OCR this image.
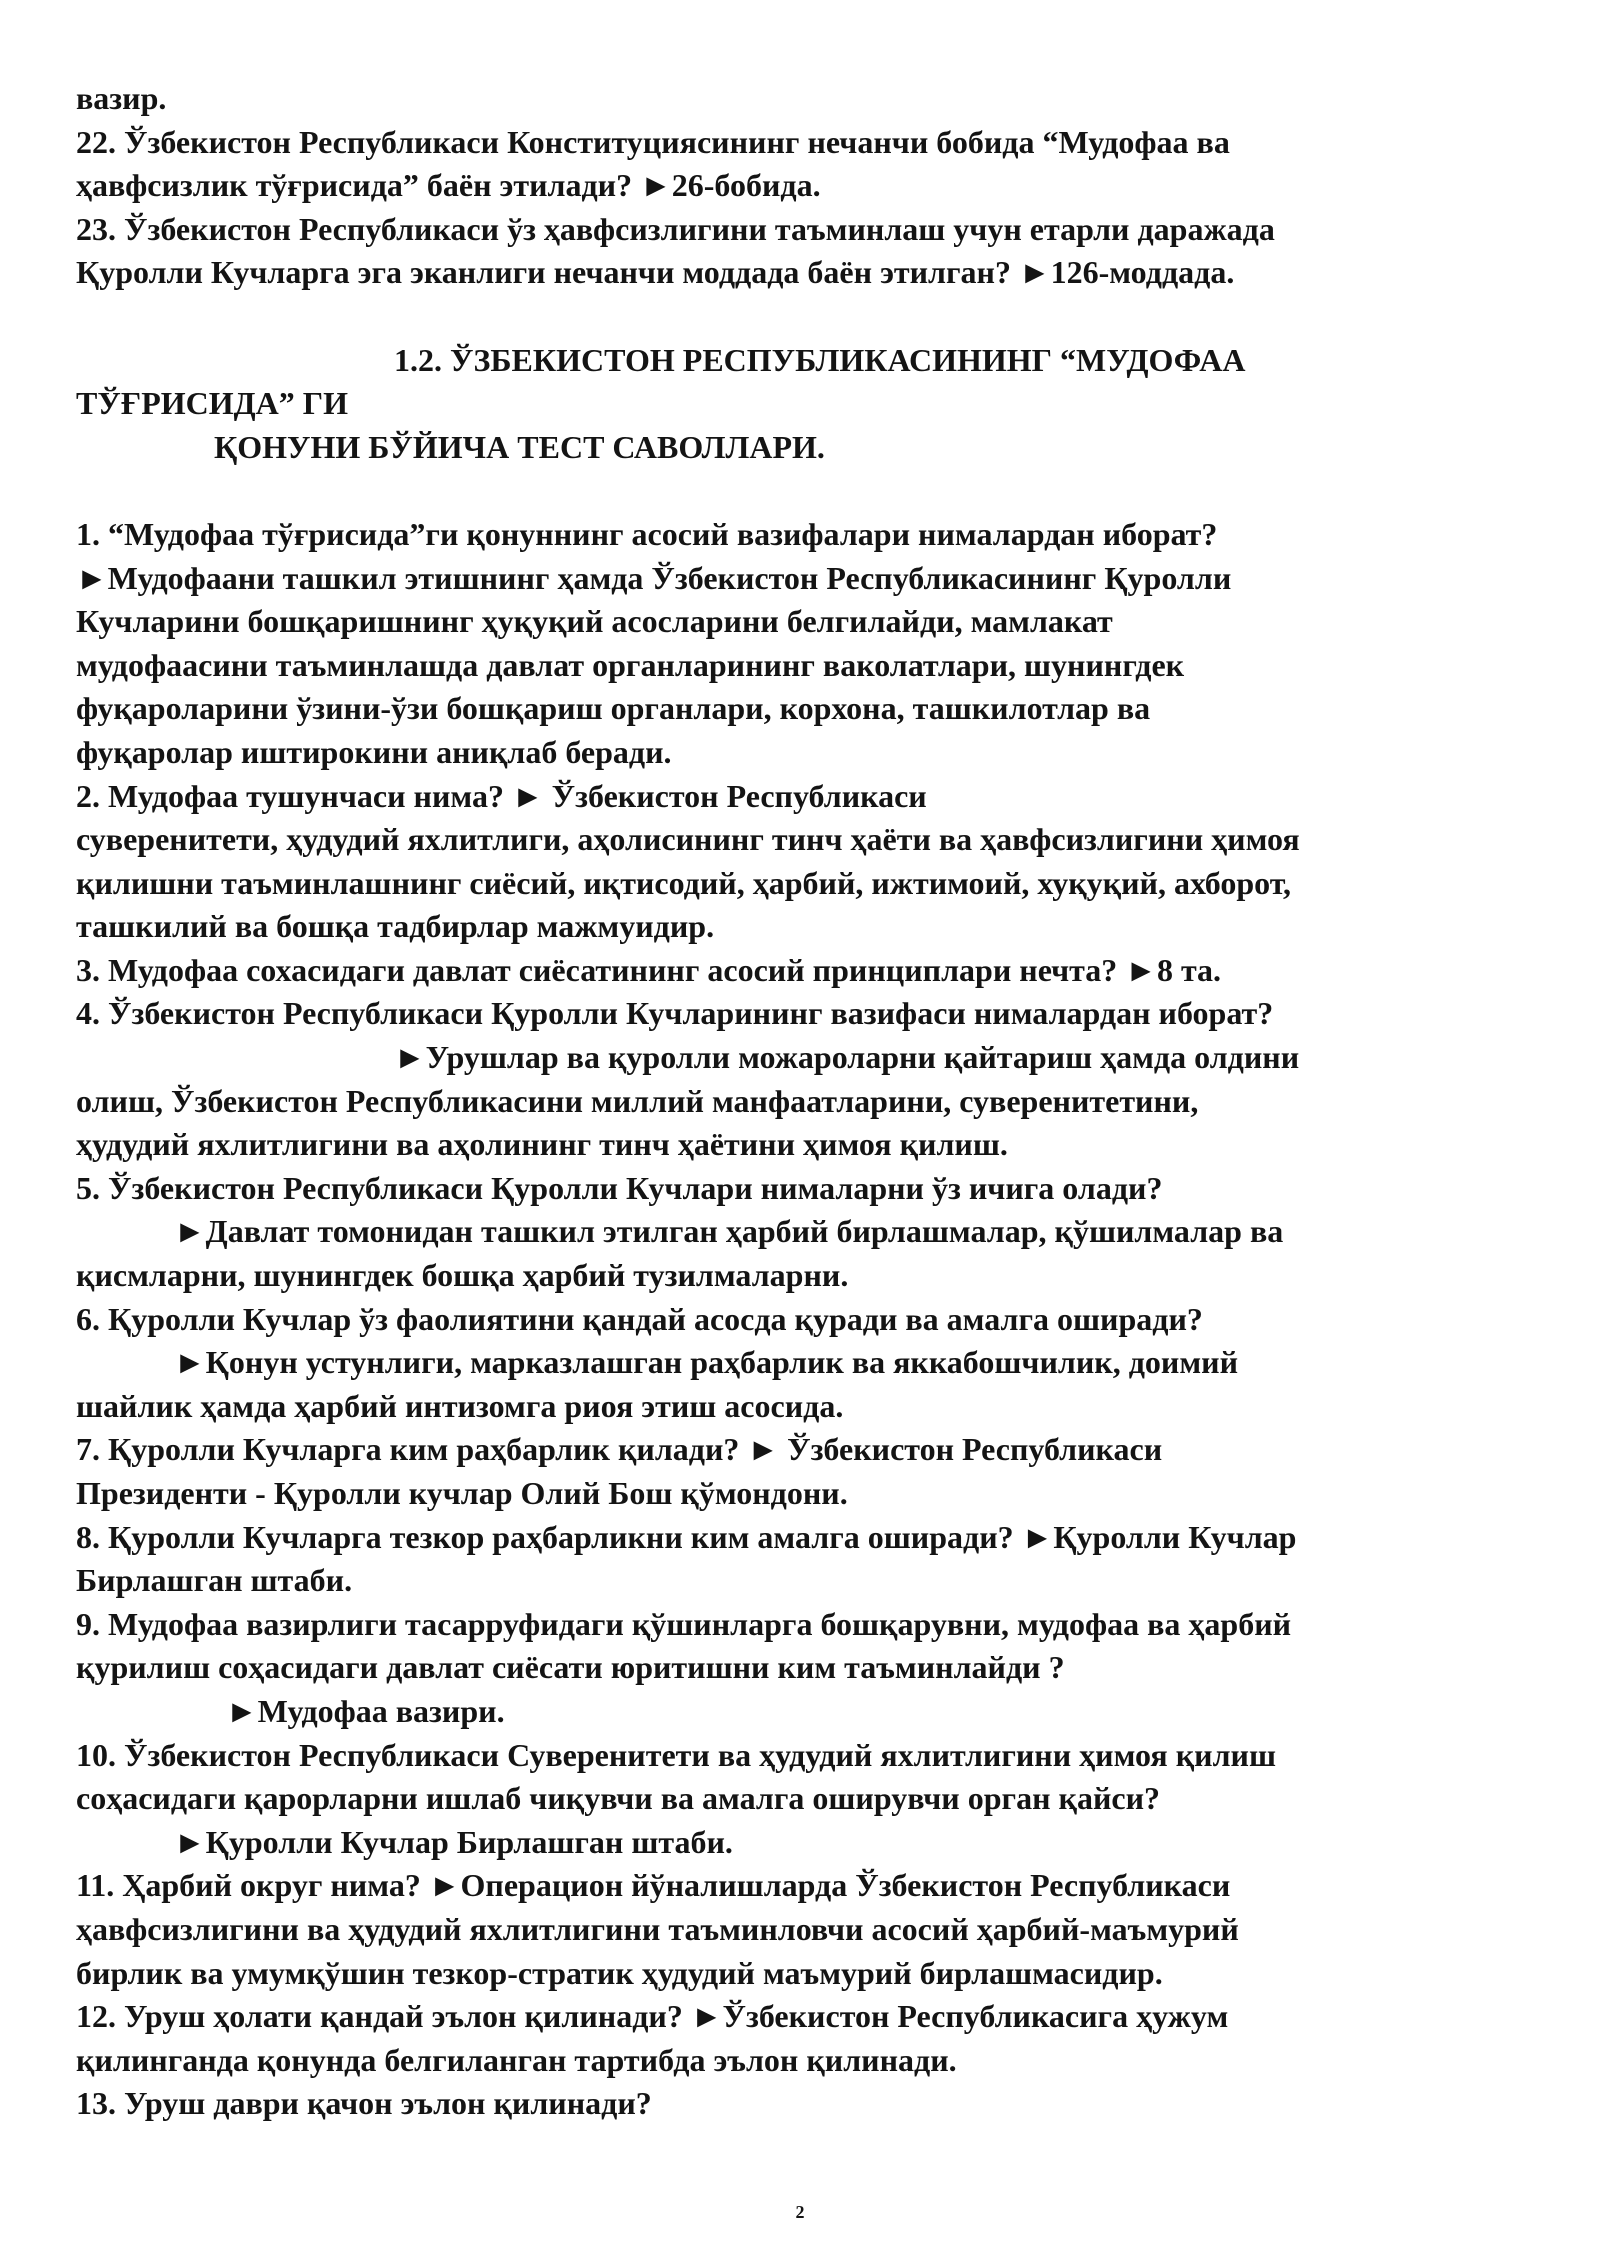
вазир.
22. Ўзбекистон Республикаси Конституциясининг нечанчи бобида “Мудофаа ва
ҳавфсизлик тўғрисида” баён этилади? ►26-бобида.
23. Ўзбекистон Республикаси ўз ҳавфсизлигини таъминлаш учун етарли даражада
Қуролли Кучларга эга эканлиги нечанчи моддада баён этилган? ►126-моддада.
1.2. ЎЗБЕКИСТОН РЕСПУБЛИКАСИНИНГ “МУДОФАА
ТЎҒРИСИДА” ГИ
ҚОНУНИ БЎЙИЧА ТЕСТ САВОЛЛАРИ.
1. “Мудофаа тўғрисида”ги қонуннинг асосий вазифалари нималардан иборат?
►Мудофаани ташкил этишнинг ҳамда Ўзбекистон Республикасининг Қуролли
Кучларини бошқаришнинг ҳуқуқий асосларини белгилайди, мамлакат
мудофаасини таъминлашда давлат органларининг ваколатлари, шунингдек
фуқароларини ўзини-ўзи бошқариш органлари, корхона, ташкилотлар ва
фуқаролар иштирокини аниқлаб беради.
2. Мудофаа тушунчаси нима? ► Ўзбекистон Республикаси
суверенитети, ҳудудий яхлитлиги, аҳолисининг тинч ҳаёти ва ҳавфсизлигини ҳимоя
қилишни таъминлашнинг сиёсий, иқтисодий, ҳарбий, ижтимоий, хуқуқий, ахборот,
ташкилий ва бошқа тадбирлар мажмуидир.
3. Мудофаа сохасидаги давлат сиёсатининг асосий принциплари нечта? ►8 та.
4. Ўзбекистон Республикаси Қуролли Кучларининг вазифаси нималардан иборат?
►Урушлар ва қуролли можароларни қайтариш ҳамда олдини
олиш, Ўзбекистон Республикасини миллий манфаатларини, суверенитетини,
ҳудудий яхлитлигини ва аҳолининг тинч ҳаётини ҳимоя қилиш.
5. Ўзбекистон Республикаси Қуролли Кучлари нималарни ўз ичига олади?
►Давлат томонидан ташкил этилган ҳарбий бирлашмалар, қўшилмалар ва
қисмларни, шунингдек бошқа ҳарбий тузилмаларни.
6. Қуролли Кучлар ўз фаолиятини қандай асосда қуради ва амалга оширади?
►Қонун устунлиги, марказлашган раҳбарлик ва яккабошчилик, доимий
шайлик ҳамда ҳарбий интизомга риоя этиш асосида.
7. Қуролли Кучларга ким раҳбарлик қилади? ► Ўзбекистон Республикаси
Президенти - Қуролли кучлар Олий Бош қўмондони.
8. Қуролли Кучларга тезкор раҳбарликни ким амалга оширади? ►Қуролли Кучлар
Бирлашган штаби.
9. Мудофаа вазирлиги тасарруфидаги қўшинларга бошқарувни, мудофаа ва ҳарбий
қурилиш соҳасидаги давлат сиёсати юритишни ким таъминлайди ?
►Мудофаа вазири.
10. Ўзбекистон Республикаси Суверенитети ва ҳудудий яхлитлигини ҳимоя қилиш
соҳасидаги қарорларни ишлаб чиқувчи ва амалга оширувчи орган қайси?
►Қуролли Кучлар Бирлашган штаби.
11. Ҳарбий округ нима? ►Операцион йўналишларда Ўзбекистон Республикаси
ҳавфсизлигини ва ҳудудий яхлитлигини таъминловчи асосий ҳарбий-маъмурий
бирлик ва умумқўшин тезкор-стратик ҳудудий маъмурий бирлашмасидир.
12. Уруш ҳолати қандай эълон қилинади? ►Ўзбекистон Республикасига ҳужум
қилинганда қонунда белгиланган тартибда эълон қилинади.
13. Уруш даври қачон эълон қилинади?
2
